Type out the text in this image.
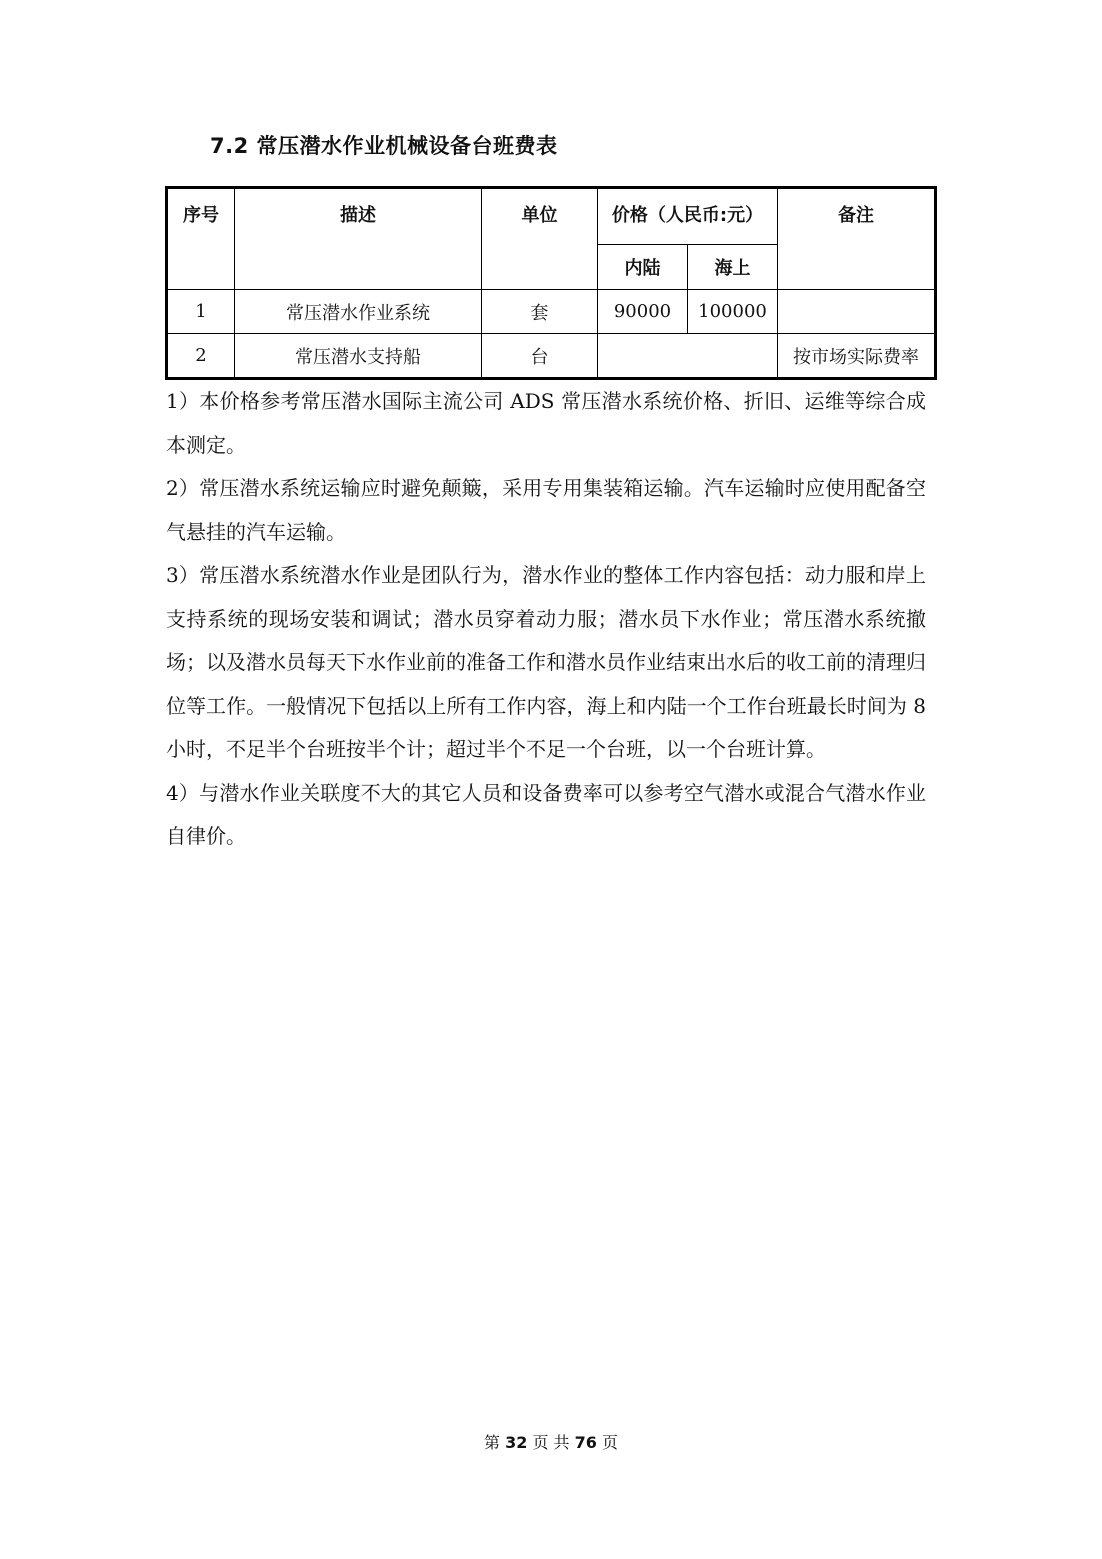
7.2 常压潜水作业机械设备台班费表
序号	描述	单位	价格（人民币:元）		备注
			内陆	海上	
1	常压潜水作业系统	套	90000	100000	
2	常压潜水支持船	台			按市场实际费率

1）本价格参考常压潜水国际主流公司 ADS 常压潜水系统价格、折旧、运维等综合成本测定。

2）常压潜水系统运输应时避免颠簸，采用专用集装箱运输。汽车运输时应使用配备空气悬挂的汽车运输。

3）常压潜水系统潜水作业是团队行为，潜水作业的整体工作内容包括：动力服和岸上支持系统的现场安装和调试；潜水员穿着动力服；潜水员下水作业；常压潜水系统撤场；以及潜水员每天下水作业前的准备工作和潜水员作业结束出水后的收工前的清理归位等工作。一般情况下包括以上所有工作内容，海上和内陆一个工作台班最长时间为 8 小时，不足半个台班按半个计；超过半个不足一个台班，以一个台班计算。

4）与潜水作业关联度不大的其它人员和设备费率可以参考空气潜水或混合气潜水作业自律价。

第 32 页 共 76 页
